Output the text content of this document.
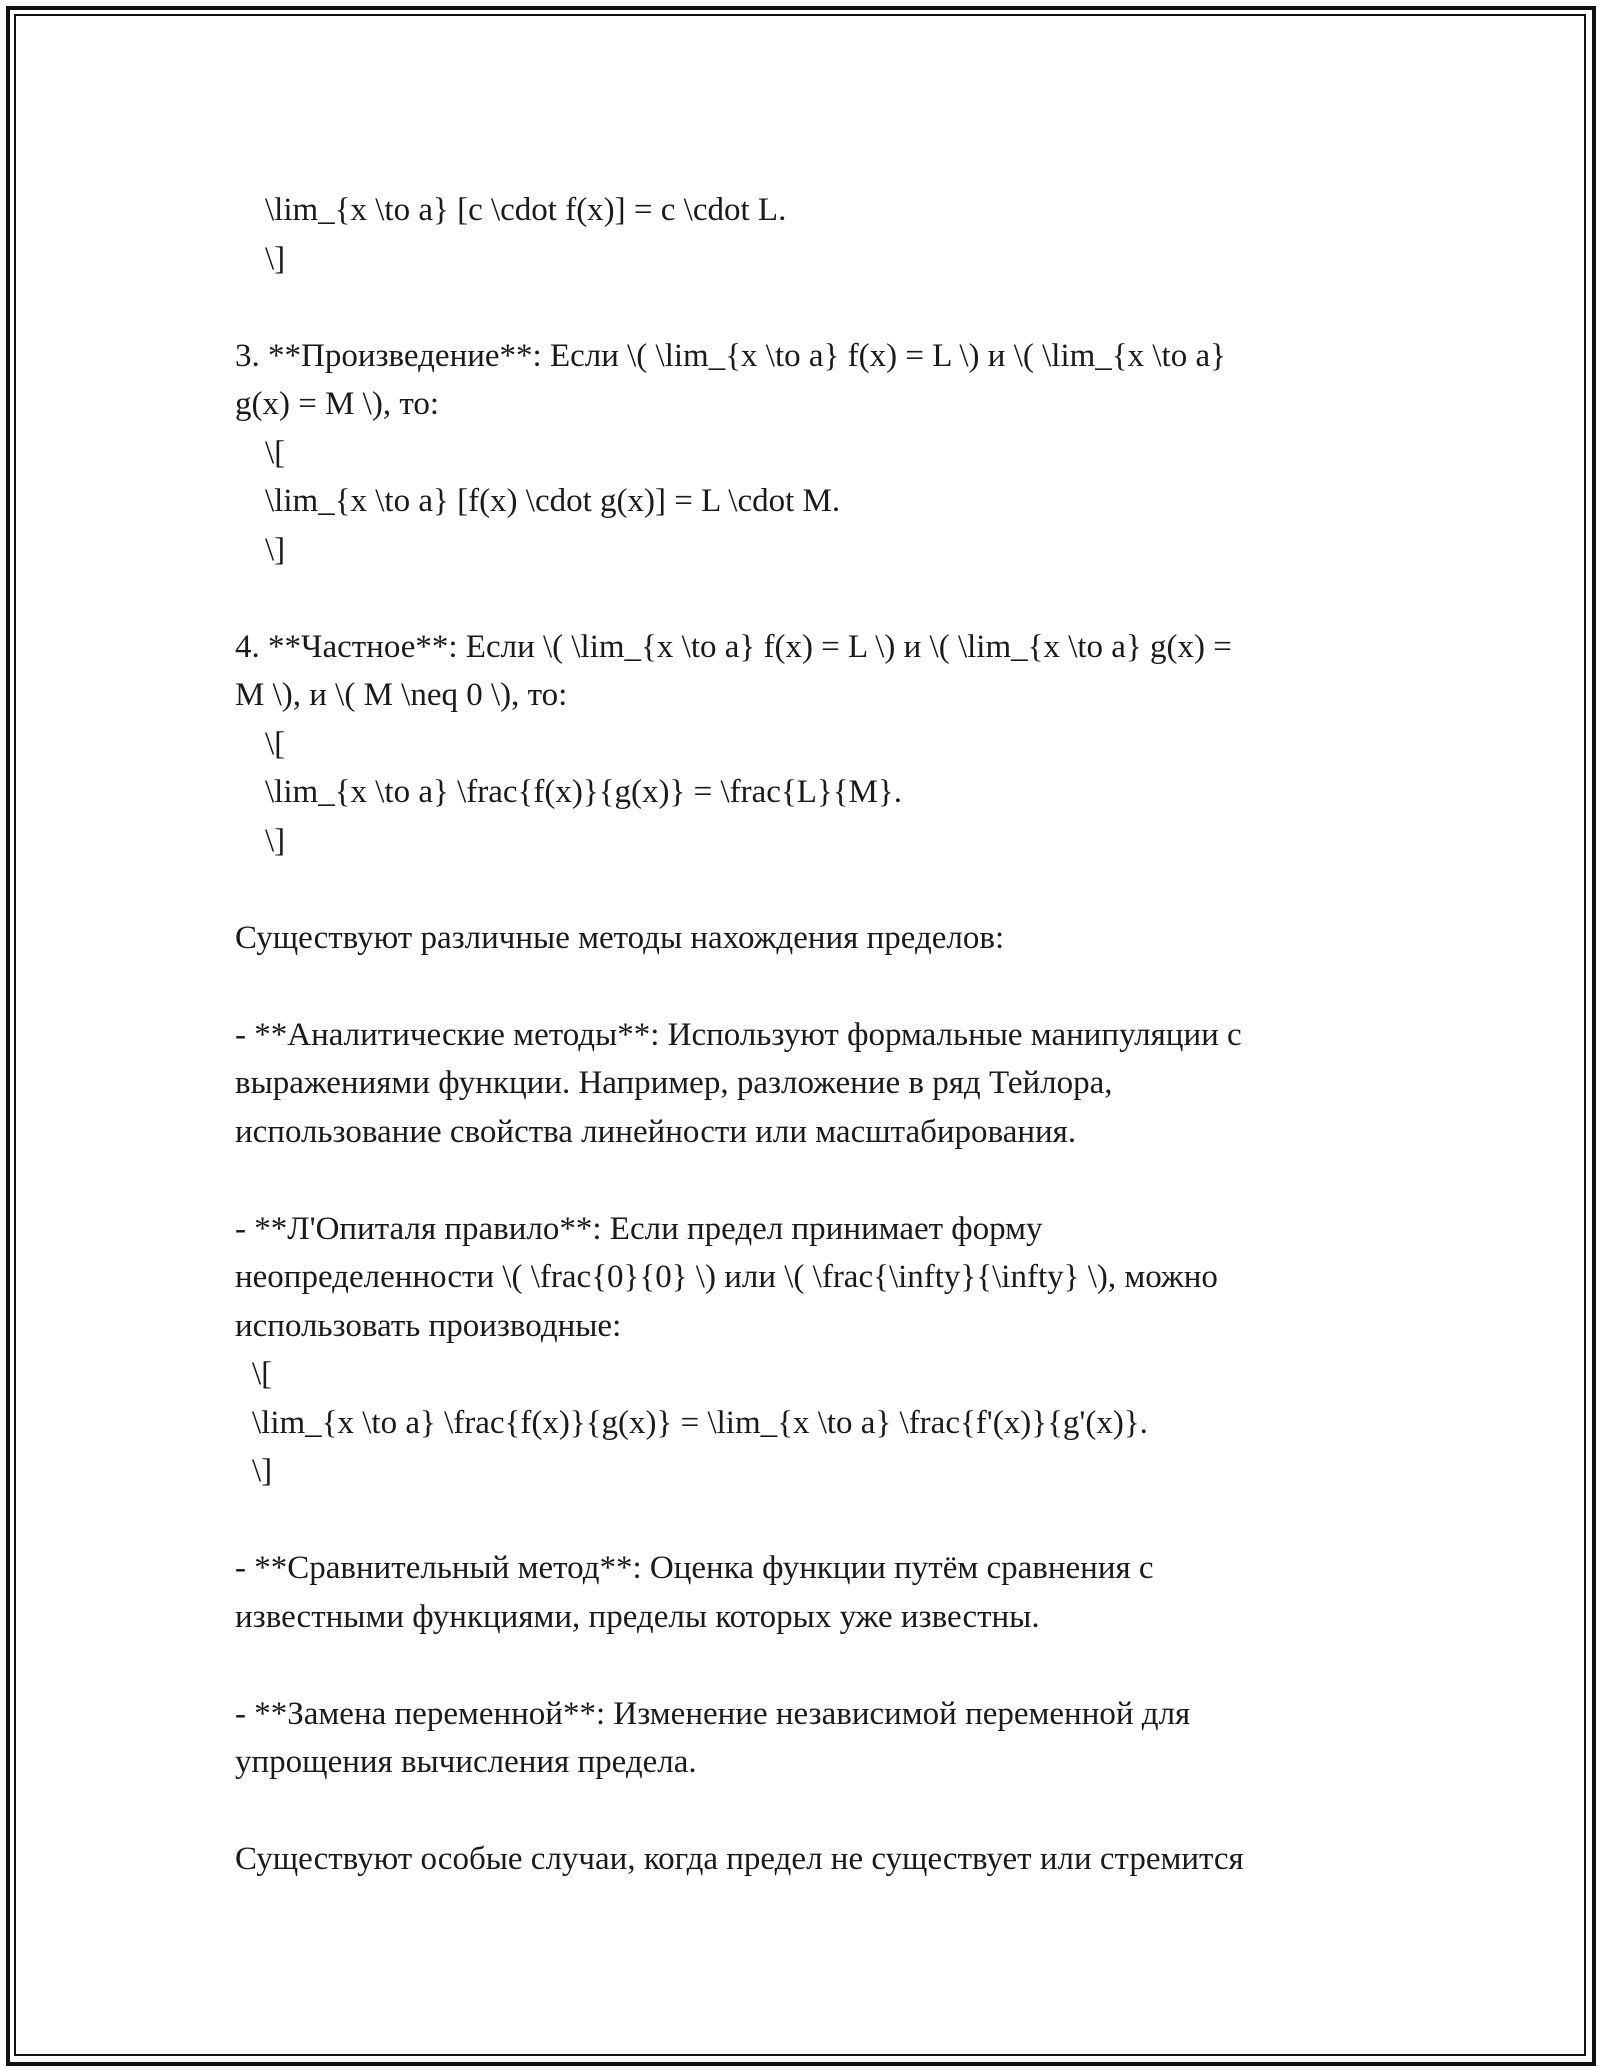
\lim_{x \to a} [c \cdot f(x)] = c \cdot L.
\]
3. **Произведение**: Если \( \lim_{x \to a} f(x) = L \) и \( \lim_{x \to a}
g(x) = M \), то:
\[
\lim_{x \to a} [f(x) \cdot g(x)] = L \cdot M.
\]
4. **Частное**: Если \( \lim_{x \to a} f(x) = L \) и \( \lim_{x \to a} g(x) =
M \), и \( M \neq 0 \), то:
\[
\lim_{x \to a} \frac{f(x)}{g(x)} = \frac{L}{M}.
\]
Существуют различные методы нахождения пределов:
- **Аналитические методы**: Используют формальные манипуляции с
выражениями функции. Например, разложение в ряд Тейлора,
использование свойства линейности или масштабирования.
- **Л'Опиталя правило**: Если предел принимает форму
неопределенности \( \frac{0}{0} \) или \( \frac{\infty}{\infty} \), можно
использовать производные:
\[
\lim_{x \to a} \frac{f(x)}{g(x)} = \lim_{x \to a} \frac{f'(x)}{g'(x)}.
\]
- **Сравнительный метод**: Оценка функции путём сравнения с
известными функциями, пределы которых уже известны.
- **Замена переменной**: Изменение независимой переменной для
упрощения вычисления предела.
Существуют особые случаи, когда предел не существует или стремится
